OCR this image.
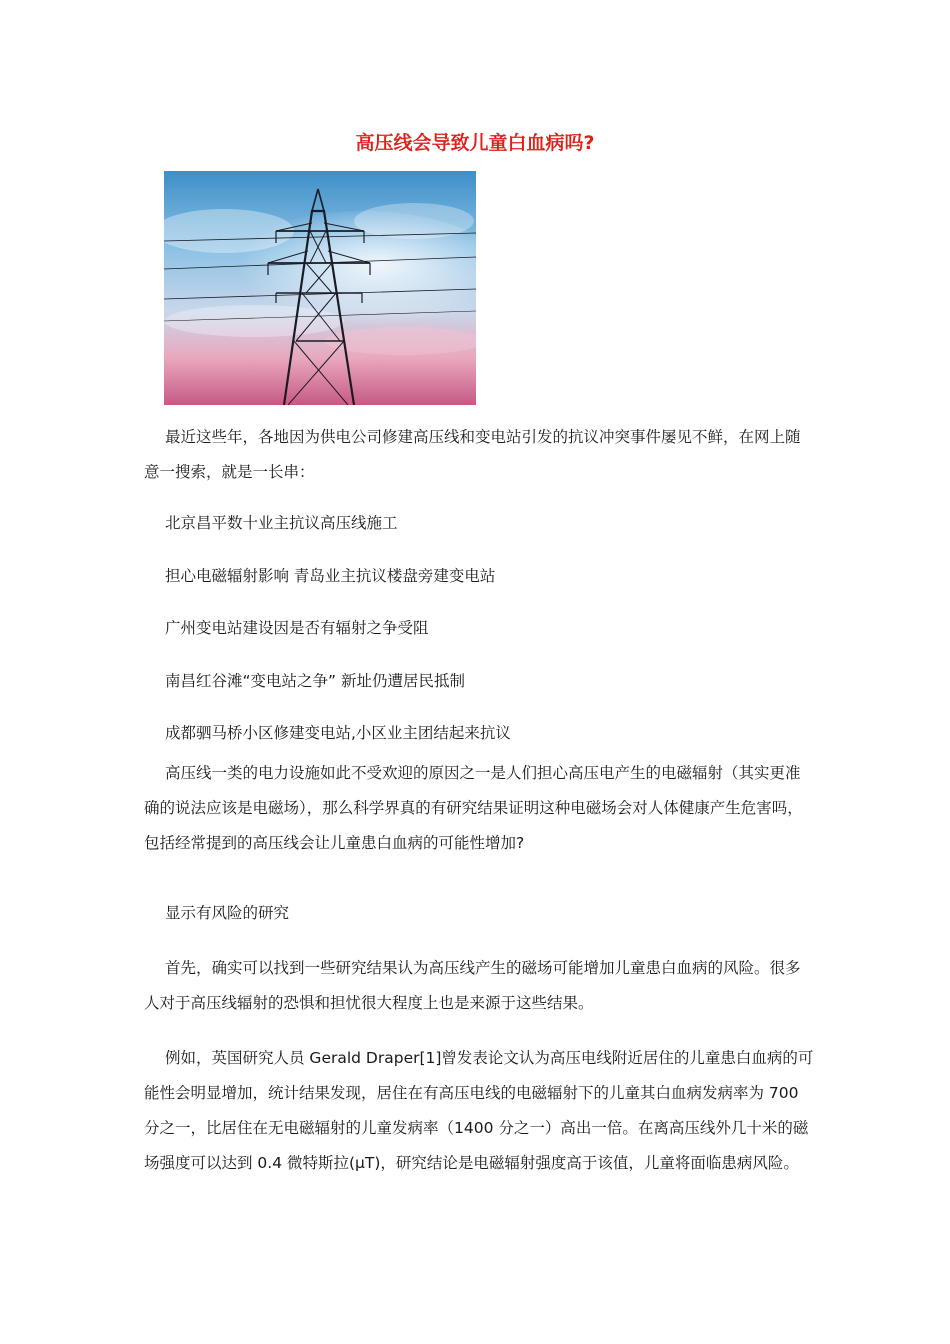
高压线会导致儿童白血病吗?
最近这些年，各地因为供电公司修建高压线和变电站引发的抗议冲突事件屡见不鲜，在网上随意一搜索，就是一长串：
北京昌平数十业主抗议高压线施工
担心电磁辐射影响 青岛业主抗议楼盘旁建变电站
广州变电站建设因是否有辐射之争受阻
南昌红谷滩“变电站之争” 新址仍遭居民抵制
成都驷马桥小区修建变电站,小区业主团结起来抗议
高压线一类的电力设施如此不受欢迎的原因之一是人们担心高压电产生的电磁辐射（其实更准确的说法应该是电磁场），那么科学界真的有研究结果证明这种电磁场会对人体健康产生危害吗，包括经常提到的高压线会让儿童患白血病的可能性增加?
显示有风险的研究
首先，确实可以找到一些研究结果认为高压线产生的磁场可能增加儿童患白血病的风险。很多人对于高压线辐射的恐惧和担忧很大程度上也是来源于这些结果。
例如，英国研究人员 Gerald Draper[1]曾发表论文认为高压电线附近居住的儿童患白血病的可能性会明显增加，统计结果发现，居住在有高压电线的电磁辐射下的儿童其白血病发病率为 700 分之一，比居住在无电磁辐射的儿童发病率（1400 分之一）高出一倍。在离高压线外几十米的磁场强度可以达到 0.4 微特斯拉(μT)，研究结论是电磁辐射强度高于该值，儿童将面临患病风险。
